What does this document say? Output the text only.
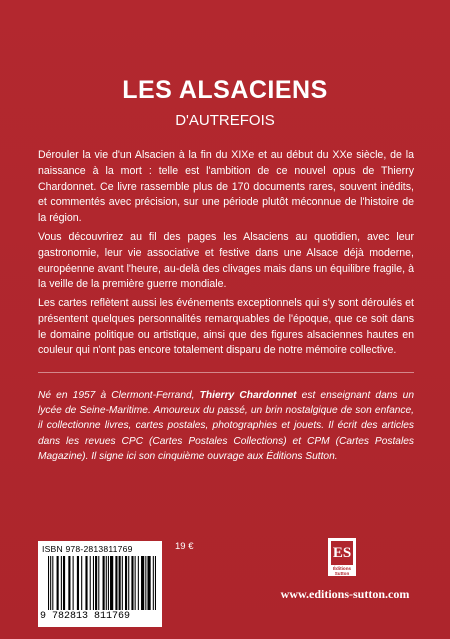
LES ALSACIENS
D'AUTREFOIS

Dérouler la vie d'un Alsacien à la fin du XIXe et au début du XXe siècle, de la naissance à la mort : telle est l'ambition de ce nouvel opus de Thierry Chardonnet. Ce livre rassemble plus de 170 documents rares, souvent inédits, et commentés avec précision, sur une période plutôt méconnue de l'histoire de la région.

Vous découvrirez au fil des pages les Alsaciens au quotidien, avec leur gastronomie, leur vie associative et festive dans une Alsace déjà moderne, européenne avant l'heure, au-delà des clivages mais dans un équilibre fragile, à la veille de la première guerre mondiale.

Les cartes reflètent aussi les événements exceptionnels qui s'y sont déroulés et présentent quelques personnalités remarquables de l'époque, que ce soit dans le domaine politique ou artistique, ainsi que des figures alsaciennes hautes en couleur qui n'ont pas encore totalement disparu de notre mémoire collective.

Né en 1957 à Clermont-Ferrand, Thierry Chardonnet est enseignant dans un lycée de Seine-Maritime. Amoureux du passé, un brin nostalgique de son enfance, il collectionne livres, cartes postales, photographies et jouets. Il écrit des articles dans les revues CPC (Cartes Postales Collections) et CPM (Cartes Postales Magazine). Il signe ici son cinquième ouvrage aux Éditions Sutton.

ISBN 978-2813811769
9 782813 811769
19 €	ES
Éditions
Sutton
www.editions-sutton.com
